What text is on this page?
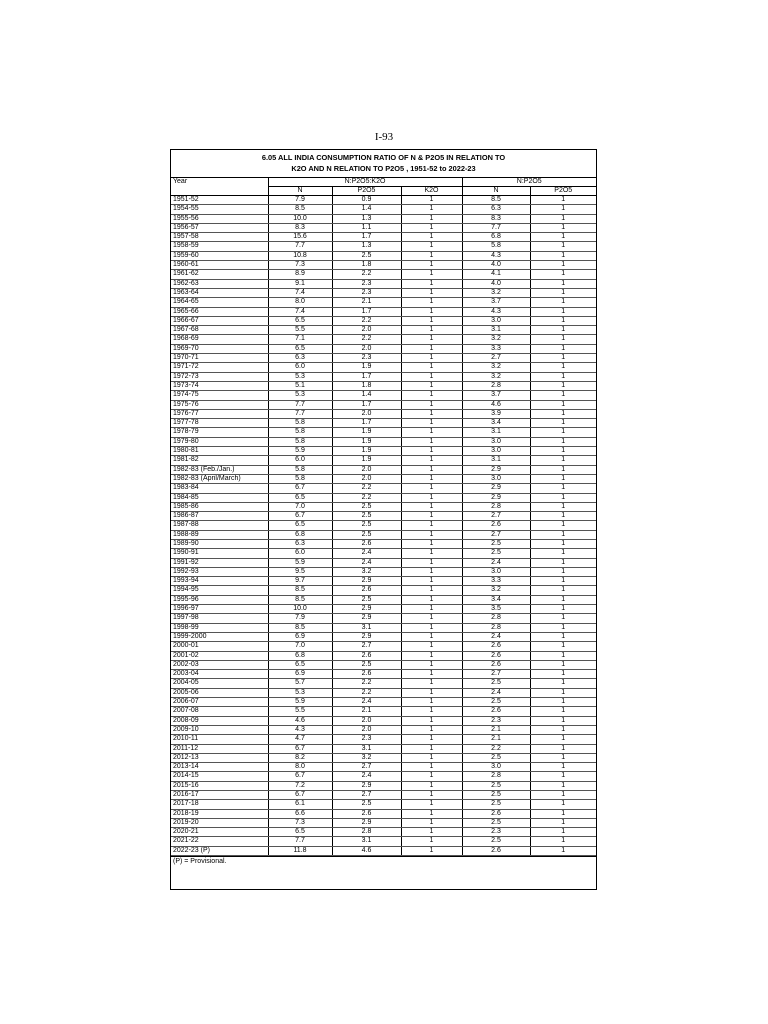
I-93
6.05 ALL INDIA CONSUMPTION RATIO OF N & P2O5 IN RELATION TO
K2O AND N RELATION TO P2O5 , 1951-52 to 2022-23
Year	N:P2O5:K2O			N:P2O5	
	N	P2O5	K2O	N	P2O5
1951-52	7.9	0.9	1	8.5	1
1954-55	8.5	1.4	1	6.3	1
1955-56	10.0	1.3	1	8.3	1
1956-57	8.3	1.1	1	7.7	1
1957-58	15.6	1.7	1	6.8	1
1958-59	7.7	1.3	1	5.8	1
1959-60	10.8	2.5	1	4.3	1
1960-61	7.3	1.8	1	4.0	1
1961-62	8.9	2.2	1	4.1	1
1962-63	9.1	2.3	1	4.0	1
1963-64	7.4	2.3	1	3.2	1
1964-65	8.0	2.1	1	3.7	1
1965-66	7.4	1.7	1	4.3	1
1966-67	6.5	2.2	1	3.0	1
1967-68	5.5	2.0	1	3.1	1
1968-69	7.1	2.2	1	3.2	1
1969-70	6.5	2.0	1	3.3	1
1970-71	6.3	2.3	1	2.7	1
1971-72	6.0	1.9	1	3.2	1
1972-73	5.3	1.7	1	3.2	1
1973-74	5.1	1.8	1	2.8	1
1974-75	5.3	1.4	1	3.7	1
1975-76	7.7	1.7	1	4.6	1
1976-77	7.7	2.0	1	3.9	1
1977-78	5.8	1.7	1	3.4	1
1978-79	5.8	1.9	1	3.1	1
1979-80	5.8	1.9	1	3.0	1
1980-81	5.9	1.9	1	3.0	1
1981-82	6.0	1.9	1	3.1	1
1982-83 (Feb./Jan.)	5.8	2.0	1	2.9	1
1982-83 (April/March)	5.8	2.0	1	3.0	1
1983-84	6.7	2.2	1	2.9	1
1984-85	6.5	2.2	1	2.9	1
1985-86	7.0	2.5	1	2.8	1
1986-87	6.7	2.5	1	2.7	1
1987-88	6.5	2.5	1	2.6	1
1988-89	6.8	2.5	1	2.7	1
1989-90	6.3	2.6	1	2.5	1
1990-91	6.0	2.4	1	2.5	1
1991-92	5.9	2.4	1	2.4	1
1992-93	9.5	3.2	1	3.0	1
1993-94	9.7	2.9	1	3.3	1
1994-95	8.5	2.6	1	3.2	1
1995-96	8.5	2.5	1	3.4	1
1996-97	10.0	2.9	1	3.5	1
1997-98	7.9	2.9	1	2.8	1
1998-99	8.5	3.1	1	2.8	1
1999-2000	6.9	2.9	1	2.4	1
2000-01	7.0	2.7	1	2.6	1
2001-02	6.8	2.6	1	2.6	1
2002-03	6.5	2.5	1	2.6	1
2003-04	6.9	2.6	1	2.7	1
2004-05	5.7	2.2	1	2.5	1
2005-06	5.3	2.2	1	2.4	1
2006-07	5.9	2.4	1	2.5	1
2007-08	5.5	2.1	1	2.6	1
2008-09	4.6	2.0	1	2.3	1
2009-10	4.3	2.0	1	2.1	1
2010-11	4.7	2.3	1	2.1	1
2011-12	6.7	3.1	1	2.2	1
2012-13	8.2	3.2	1	2.5	1
2013-14	8.0	2.7	1	3.0	1
2014-15	6.7	2.4	1	2.8	1
2015-16	7.2	2.9	1	2.5	1
2016-17	6.7	2.7	1	2.5	1
2017-18	6.1	2.5	1	2.5	1
2018-19	6.6	2.6	1	2.6	1
2019-20	7.3	2.9	1	2.5	1
2020-21	6.5	2.8	1	2.3	1
2021-22	7.7	3.1	1	2.5	1
2022-23 (P)	11.8	4.6	1	2.6	1
(P) = Provisional.
